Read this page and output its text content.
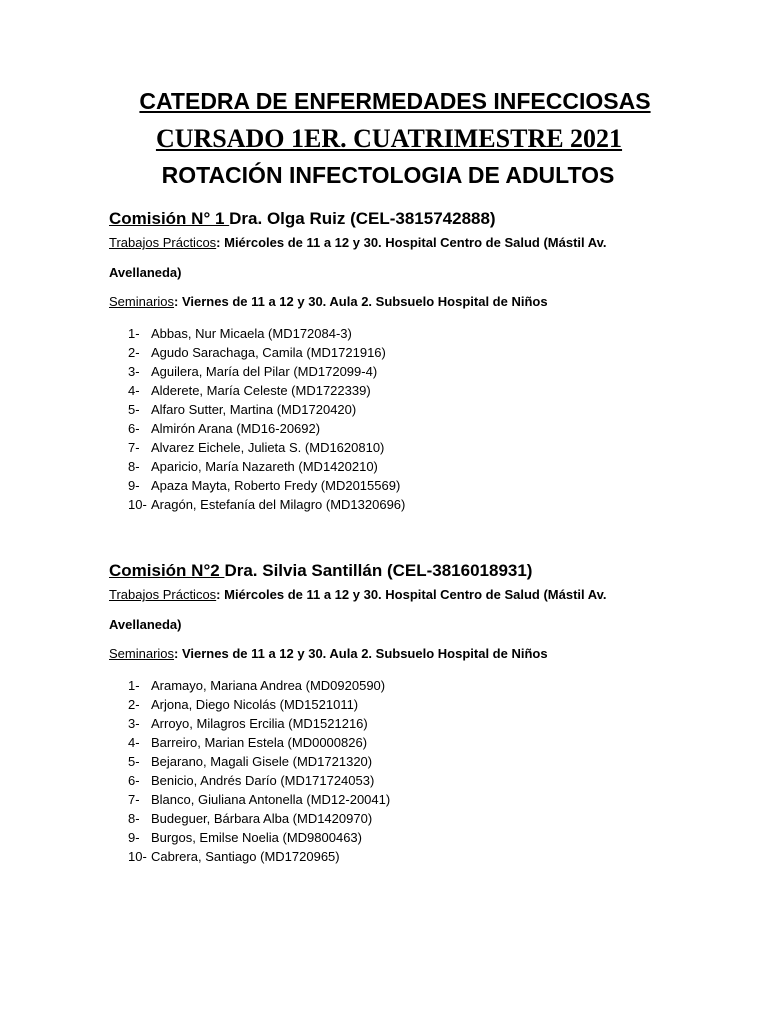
CATEDRA DE ENFERMEDADES INFECCIOSAS
CURSADO 1ER. CUATRIMESTRE 2021
ROTACIÓN INFECTOLOGIA DE ADULTOS
Comisión N° 1 Dra. Olga Ruiz (CEL-3815742888)
Trabajos Prácticos: Miércoles de 11 a 12 y 30. Hospital Centro de Salud (Mástil Av.
Avellaneda)
Seminarios: Viernes de 11 a 12 y 30. Aula 2. Subsuelo Hospital de Niños
1- Abbas, Nur Micaela (MD172084-3)
2- Agudo Sarachaga, Camila (MD1721916)
3- Aguilera, María del Pilar (MD172099-4)
4- Alderete, María Celeste (MD1722339)
5- Alfaro Sutter, Martina (MD1720420)
6- Almirón Arana (MD16-20692)
7- Alvarez Eichele, Julieta S. (MD1620810)
8- Aparicio, María Nazareth (MD1420210)
9- Apaza Mayta, Roberto Fredy (MD2015569)
10- Aragón, Estefanía del Milagro (MD1320696)
Comisión N°2 Dra. Silvia Santillán (CEL-3816018931)
Trabajos Prácticos: Miércoles de 11 a 12 y 30. Hospital Centro de Salud (Mástil Av.
Avellaneda)
Seminarios: Viernes de 11 a 12 y 30. Aula 2. Subsuelo Hospital de Niños
1- Aramayo, Mariana Andrea (MD0920590)
2- Arjona, Diego Nicolás (MD1521011)
3- Arroyo, Milagros Ercilia (MD1521216)
4- Barreiro, Marian Estela (MD0000826)
5- Bejarano, Magali Gisele (MD1721320)
6- Benicio, Andrés Darío (MD171724053)
7- Blanco, Giuliana Antonella (MD12-20041)
8- Budeguer, Bárbara Alba (MD1420970)
9- Burgos, Emilse Noelia (MD9800463)
10- Cabrera, Santiago (MD1720965)
